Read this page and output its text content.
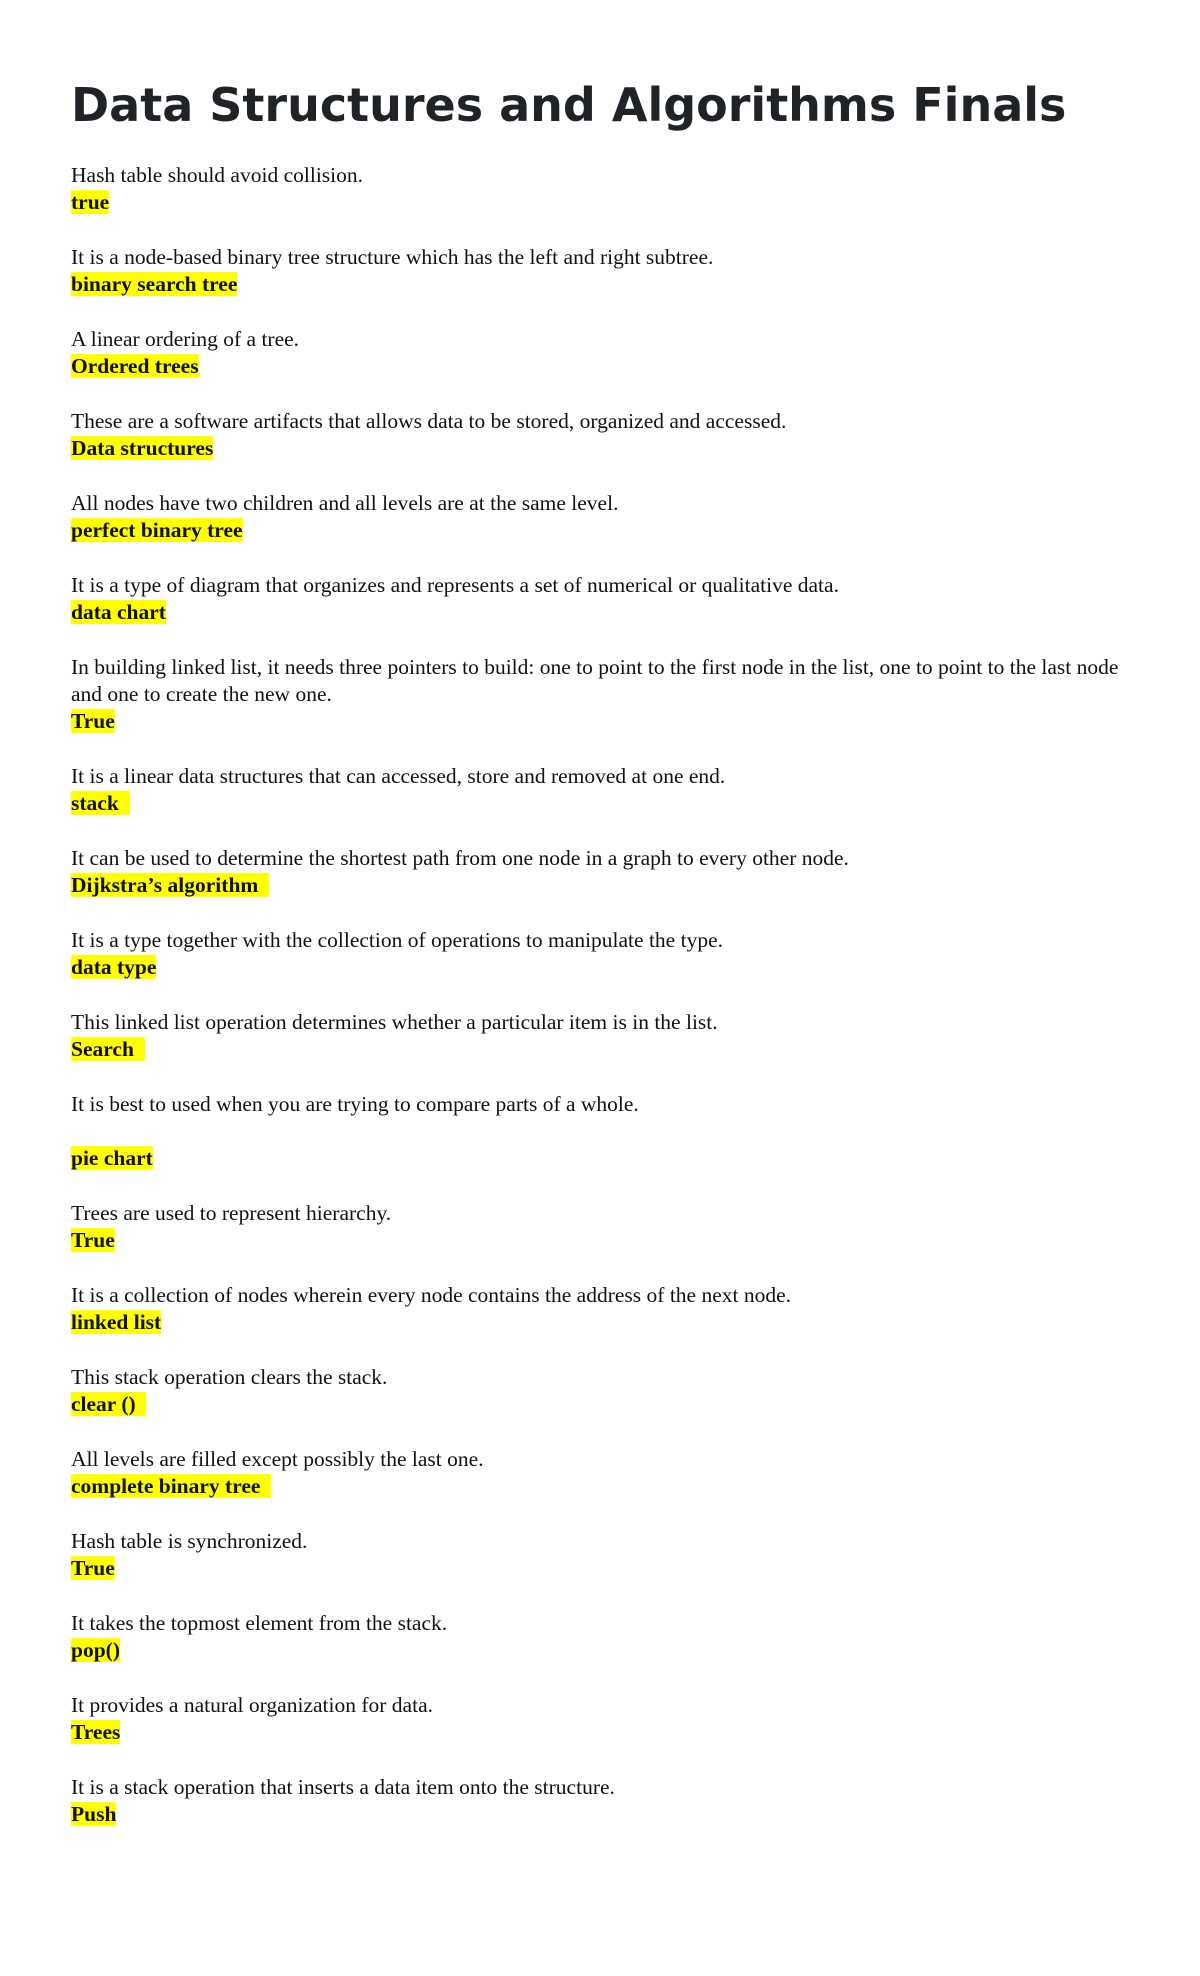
Data Structures and Algorithms Finals
Hash table should avoid collision.
true
It is a node-based binary tree structure which has the left and right subtree.
binary search tree
A linear ordering of a tree.
Ordered trees
These are a software artifacts that allows data to be stored, organized and accessed.
Data structures
All nodes have two children and all levels are at the same level.
perfect binary tree
It is a type of diagram that organizes and represents a set of numerical or qualitative data.
data chart
In building linked list, it needs three pointers to build: one to point to the first node in the list, one to point to the last node and one to create the new one.
True
It is a linear data structures that can accessed, store and removed at one end.
stack
It can be used to determine the shortest path from one node in a graph to every other node.
Dijkstra’s algorithm
It is a type together with the collection of operations to manipulate the type.
data type
This linked list operation determines whether a particular item is in the list.
Search
It is best to used when you are trying to compare parts of a whole.
pie chart
Trees are used to represent hierarchy.
True
It is a collection of nodes wherein every node contains the address of the next node.
linked list
This stack operation clears the stack.
clear ()
All levels are filled except possibly the last one.
complete binary tree
Hash table is synchronized.
True
It takes the topmost element from the stack.
pop()
It provides a natural organization for data.
Trees
It is a stack operation that inserts a data item onto the structure.
Push
